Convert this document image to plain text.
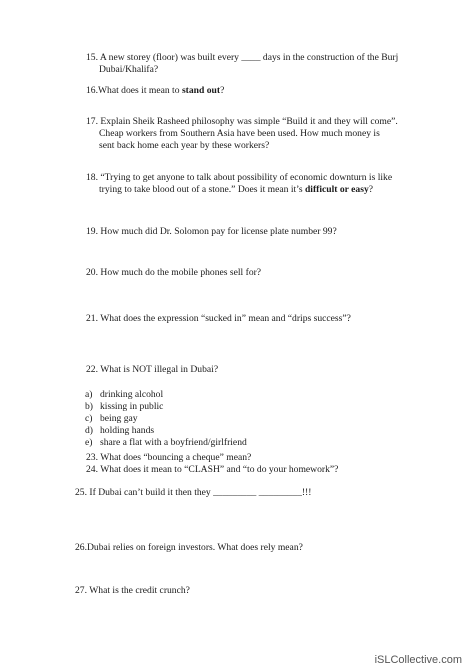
15. A new storey (floor) was built every ____ days in the construction of the Burj
Dubai/Khalifa?
16.What does it mean to stand out?
17. Explain Sheik Rasheed philosophy was simple “Build it and they will come”.
Cheap workers from Southern Asia have been used. How much money is
sent back home each year by these workers?
18. “Trying to get anyone to talk about possibility of economic downturn is like
trying to take blood out of a stone.” Does it mean it’s difficult or easy?
19. How much did Dr. Solomon pay for license plate number 99?
20. How much do the mobile phones sell for?
21. What does the expression “sucked in” mean and “drips success”?
22. What is NOT illegal in Dubai?
a) drinking alcohol
b) kissing in public
c) being gay
d) holding hands
e) share a flat with a boyfriend/girlfriend
23. What does “bouncing a cheque” mean?
24. What does it mean to “CLASH” and “to do your homework”?
25. If Dubai can’t build it then they _________ _________!!!
26.Dubai relies on foreign investors. What does rely mean?
27. What is the credit crunch?
iSLCollective.com
